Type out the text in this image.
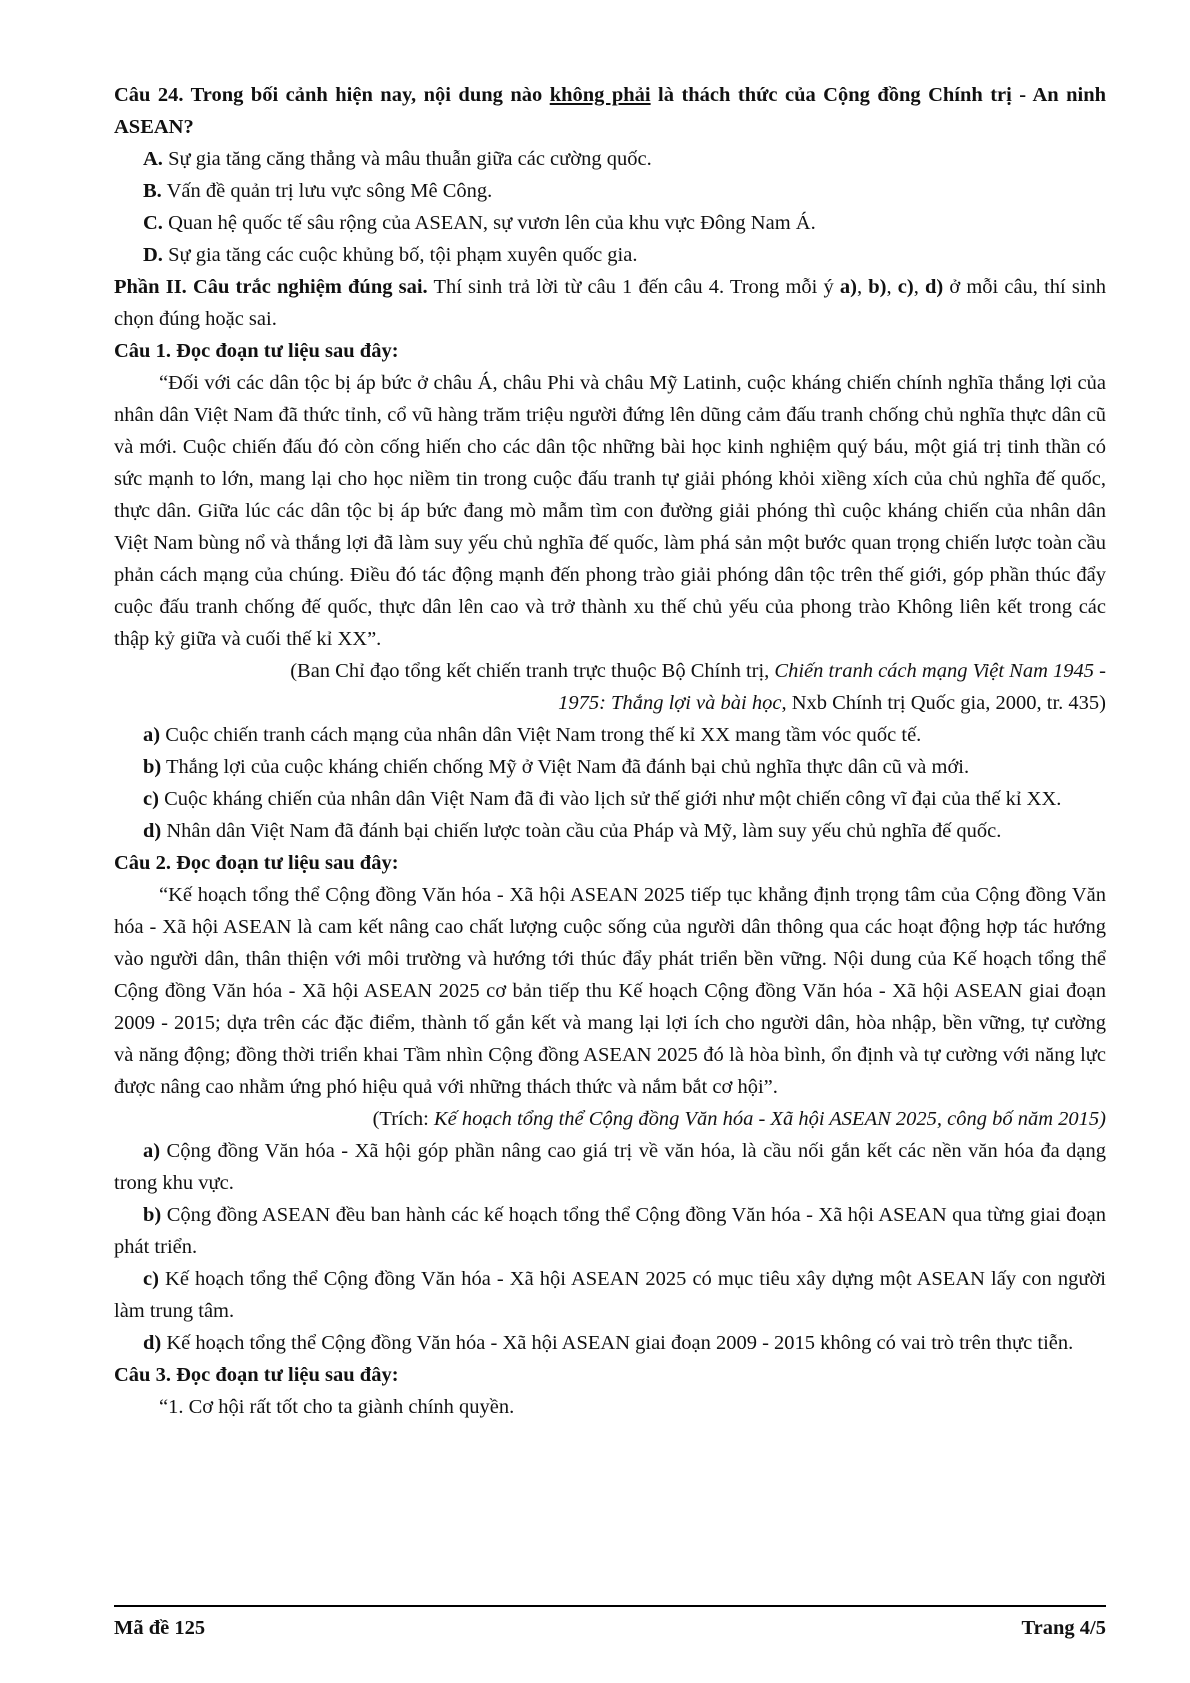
Câu 24. Trong bối cảnh hiện nay, nội dung nào không phải là thách thức của Cộng đồng Chính trị - An ninh ASEAN?

A. Sự gia tăng căng thẳng và mâu thuẫn giữa các cường quốc.

B. Vấn đề quản trị lưu vực sông Mê Công.

C. Quan hệ quốc tế sâu rộng của ASEAN, sự vươn lên của khu vực Đông Nam Á.

D. Sự gia tăng các cuộc khủng bố, tội phạm xuyên quốc gia.

Phần II. Câu trắc nghiệm đúng sai. Thí sinh trả lời từ câu 1 đến câu 4. Trong mỗi ý a), b), c), d) ở mỗi câu, thí sinh chọn đúng hoặc sai.

Câu 1. Đọc đoạn tư liệu sau đây:

“Đối với các dân tộc bị áp bức ở châu Á, châu Phi và châu Mỹ Latinh, cuộc kháng chiến chính nghĩa thắng lợi của nhân dân Việt Nam đã thức tỉnh, cổ vũ hàng trăm triệu người đứng lên dũng cảm đấu tranh chống chủ nghĩa thực dân cũ và mới. Cuộc chiến đấu đó còn cống hiến cho các dân tộc những bài học kinh nghiệm quý báu, một giá trị tinh thần có sức mạnh to lớn, mang lại cho học niềm tin trong cuộc đấu tranh tự giải phóng khỏi xiềng xích của chủ nghĩa đế quốc, thực dân. Giữa lúc các dân tộc bị áp bức đang mò mẫm tìm con đường giải phóng thì cuộc kháng chiến của nhân dân Việt Nam bùng nổ và thắng lợi đã làm suy yếu chủ nghĩa đế quốc, làm phá sản một bước quan trọng chiến lược toàn cầu phản cách mạng của chúng. Điều đó tác động mạnh đến phong trào giải phóng dân tộc trên thế giới, góp phần thúc đẩy cuộc đấu tranh chống đế quốc, thực dân lên cao và trở thành xu thế chủ yếu của phong trào Không liên kết trong các thập kỷ giữa và cuối thế kỉ XX”.

(Ban Chỉ đạo tổng kết chiến tranh trực thuộc Bộ Chính trị, Chiến tranh cách mạng Việt Nam 1945 - 1975: Thắng lợi và bài học, Nxb Chính trị Quốc gia, 2000, tr. 435)

a) Cuộc chiến tranh cách mạng của nhân dân Việt Nam trong thế kỉ XX mang tầm vóc quốc tế.

b) Thắng lợi của cuộc kháng chiến chống Mỹ ở Việt Nam đã đánh bại chủ nghĩa thực dân cũ và mới.

c) Cuộc kháng chiến của nhân dân Việt Nam đã đi vào lịch sử thế giới như một chiến công vĩ đại của thế kỉ XX.

d) Nhân dân Việt Nam đã đánh bại chiến lược toàn cầu của Pháp và Mỹ, làm suy yếu chủ nghĩa đế quốc.

Câu 2. Đọc đoạn tư liệu sau đây:

“Kế hoạch tổng thể Cộng đồng Văn hóa - Xã hội ASEAN 2025 tiếp tục khẳng định trọng tâm của Cộng đồng Văn hóa - Xã hội ASEAN là cam kết nâng cao chất lượng cuộc sống của người dân thông qua các hoạt động hợp tác hướng vào người dân, thân thiện với môi trường và hướng tới thúc đẩy phát triển bền vững. Nội dung của Kế hoạch tổng thể Cộng đồng Văn hóa - Xã hội ASEAN 2025 cơ bản tiếp thu Kế hoạch Cộng đồng Văn hóa - Xã hội ASEAN giai đoạn 2009 - 2015; dựa trên các đặc điểm, thành tố gắn kết và mang lại lợi ích cho người dân, hòa nhập, bền vững, tự cường và năng động; đồng thời triển khai Tầm nhìn Cộng đồng ASEAN 2025 đó là hòa bình, ổn định và tự cường với năng lực được nâng cao nhằm ứng phó hiệu quả với những thách thức và nắm bắt cơ hội”.

(Trích: Kế hoạch tổng thể Cộng đồng Văn hóa - Xã hội ASEAN 2025, công bố năm 2015)

a) Cộng đồng Văn hóa - Xã hội góp phần nâng cao giá trị về văn hóa, là cầu nối gắn kết các nền văn hóa đa dạng trong khu vực.

b) Cộng đồng ASEAN đều ban hành các kế hoạch tổng thể Cộng đồng Văn hóa - Xã hội ASEAN qua từng giai đoạn phát triển.

c) Kế hoạch tổng thể Cộng đồng Văn hóa - Xã hội ASEAN 2025 có mục tiêu xây dựng một ASEAN lấy con người làm trung tâm.

d) Kế hoạch tổng thể Cộng đồng Văn hóa - Xã hội ASEAN giai đoạn 2009 - 2015 không có vai trò trên thực tiễn.

Câu 3. Đọc đoạn tư liệu sau đây:

“1. Cơ hội rất tốt cho ta giành chính quyền.

Mã đề 125	Trang 4/5
